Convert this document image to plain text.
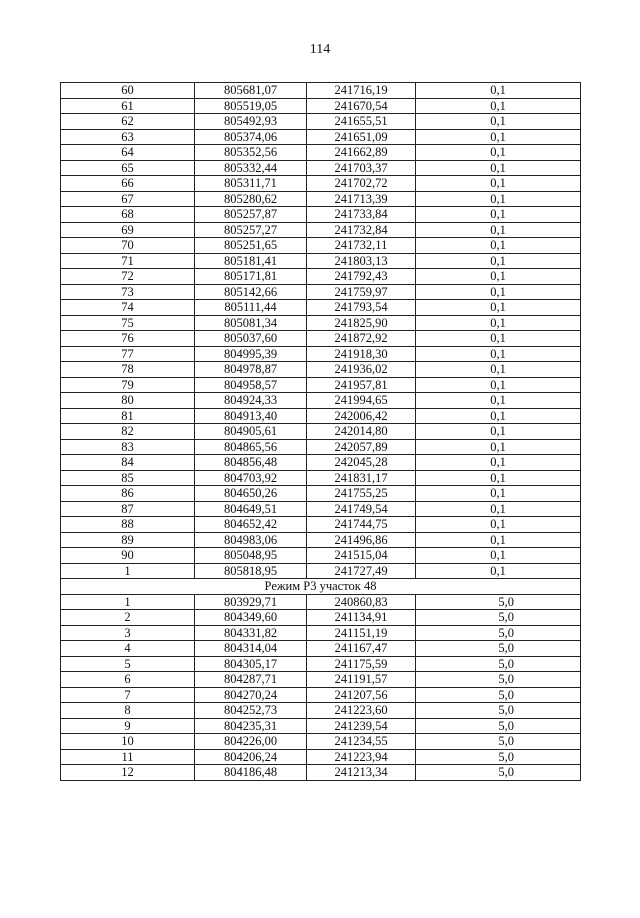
114
60	805681,07	241716,19	0,1
61	805519,05	241670,54	0,1
62	805492,93	241655,51	0,1
63	805374,06	241651,09	0,1
64	805352,56	241662,89	0,1
65	805332,44	241703,37	0,1
66	805311,71	241702,72	0,1
67	805280,62	241713,39	0,1
68	805257,87	241733,84	0,1
69	805257,27	241732,84	0,1
70	805251,65	241732,11	0,1
71	805181,41	241803,13	0,1
72	805171,81	241792,43	0,1
73	805142,66	241759,97	0,1
74	805111,44	241793,54	0,1
75	805081,34	241825,90	0,1
76	805037,60	241872,92	0,1
77	804995,39	241918,30	0,1
78	804978,87	241936,02	0,1
79	804958,57	241957,81	0,1
80	804924,33	241994,65	0,1
81	804913,40	242006,42	0,1
82	804905,61	242014,80	0,1
83	804865,56	242057,89	0,1
84	804856,48	242045,28	0,1
85	804703,92	241831,17	0,1
86	804650,26	241755,25	0,1
87	804649,51	241749,54	0,1
88	804652,42	241744,75	0,1
89	804983,06	241496,86	0,1
90	805048,95	241515,04	0,1
1	805818,95	241727,49	0,1
Режим Р3 участок 48			
1	803929,71	240860,83	5,0
2	804349,60	241134,91	5,0
3	804331,82	241151,19	5,0
4	804314,04	241167,47	5,0
5	804305,17	241175,59	5,0
6	804287,71	241191,57	5,0
7	804270,24	241207,56	5,0
8	804252,73	241223,60	5,0
9	804235,31	241239,54	5,0
10	804226,00	241234,55	5,0
11	804206,24	241223,94	5,0
12	804186,48	241213,34	5,0
